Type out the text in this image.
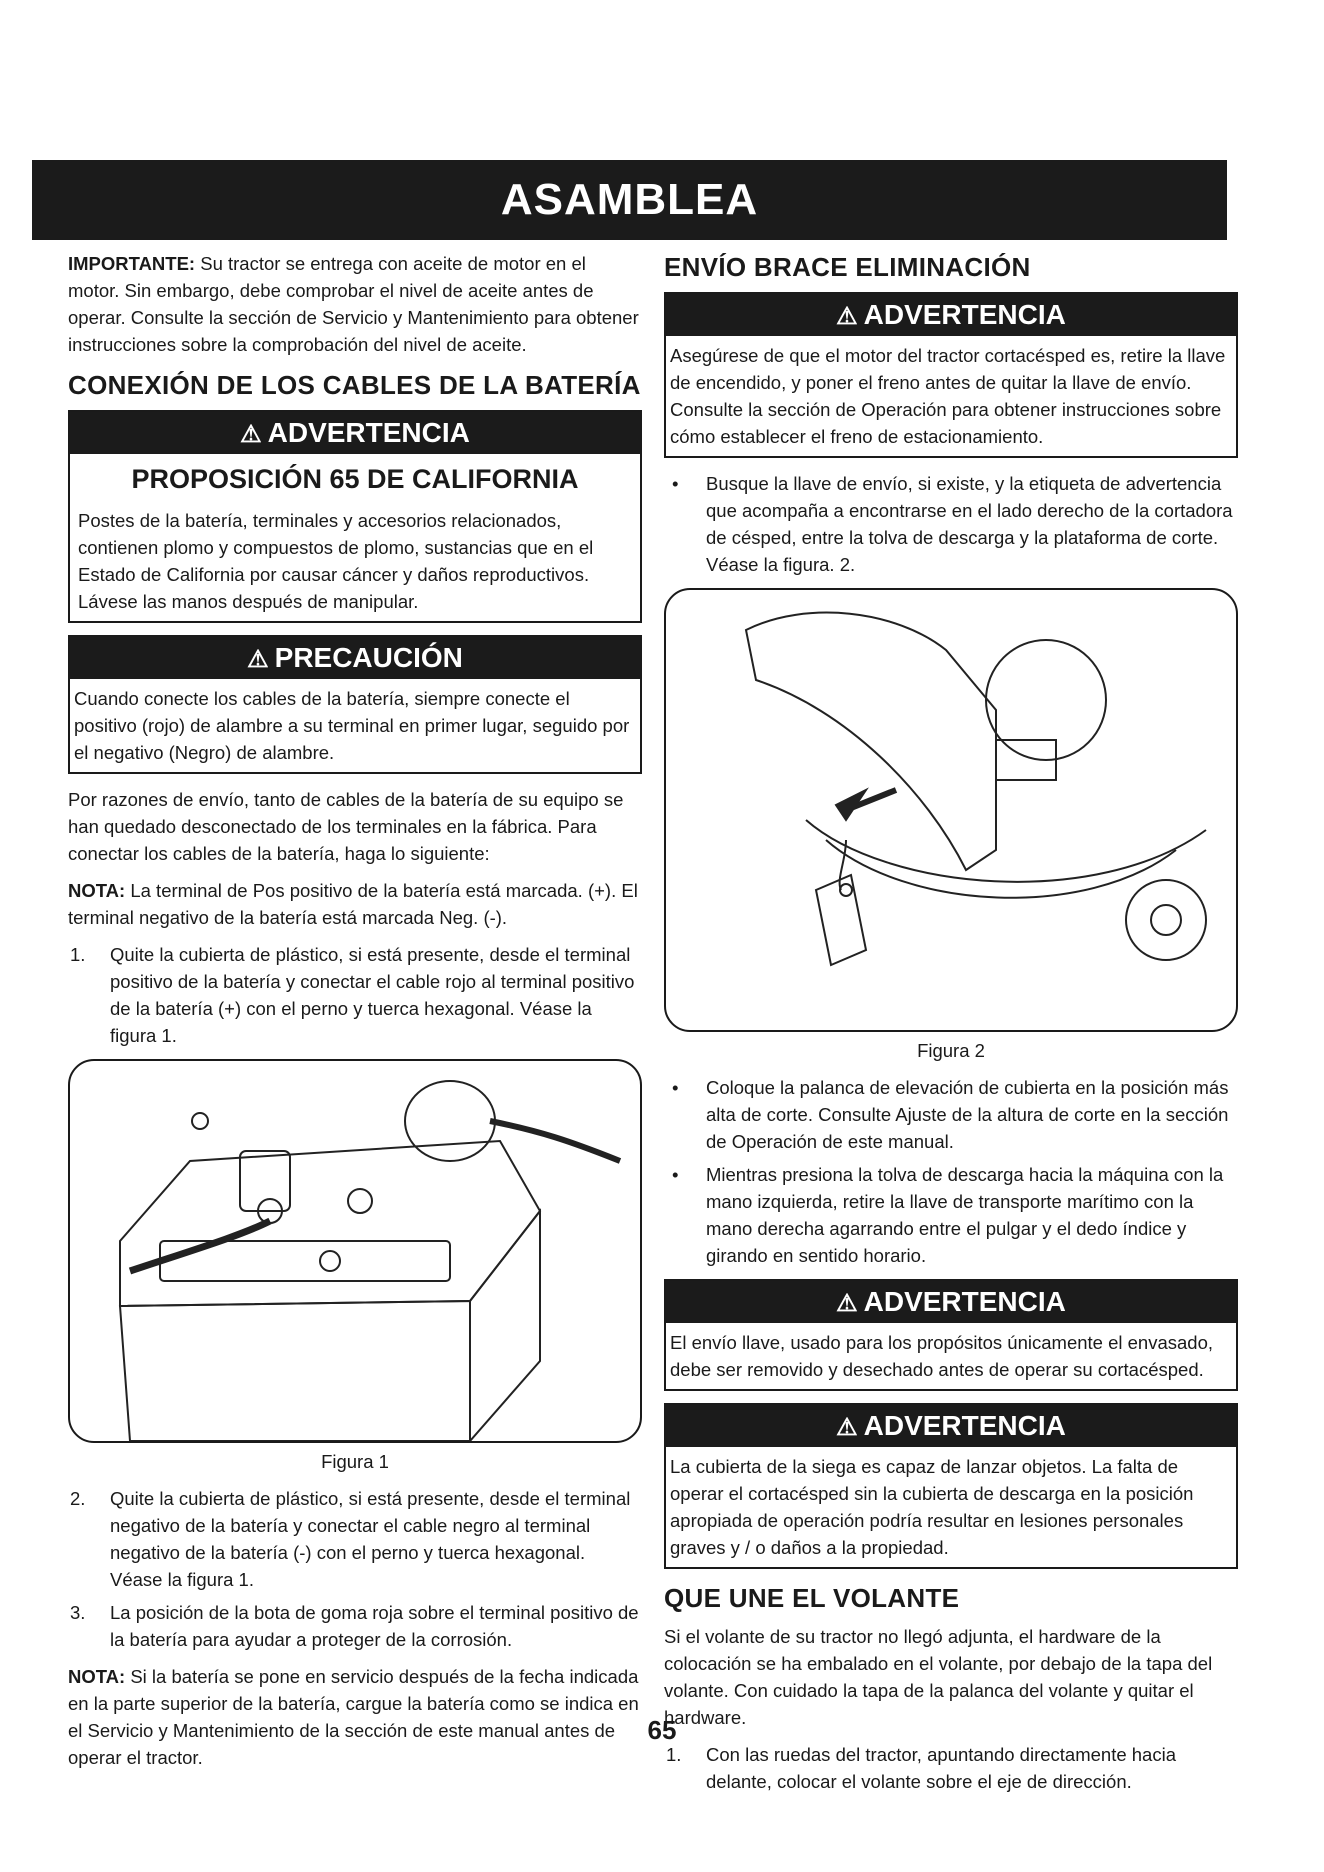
ASAMBLEA

IMPORTANTE: Su tractor se entrega con aceite de motor en el motor. Sin embargo, debe comprobar el nivel de aceite antes de operar. Consulte la sección de Servicio y Mantenimiento para obtener instrucciones sobre la comprobación del nivel de aceite.

CONEXIÓN DE LOS CABLES DE LA BATERÍA
⚠ ADVERTENCIA
PROPOSICIÓN 65 DE CALIFORNIA
Postes de la batería, terminales y accesorios relacionados, contienen plomo y compuestos de plomo, sustancias que en el Estado de California por causar cáncer y daños reproductivos. Lávese las manos después de manipular.
⚠ PRECAUCIÓN
Cuando conecte los cables de la batería, siempre conecte el positivo (rojo) de alambre a su terminal en primer lugar, seguido por el negativo (Negro) de alambre.

Por razones de envío, tanto de cables de la batería de su equipo se han quedado desconectado de los terminales en la fábrica. Para conectar los cables de la batería, haga lo siguiente:

NOTA: La terminal de Pos positivo de la batería está marcada. (+). El terminal negativo de la batería está marcada Neg. (-).

1. Quite la cubierta de plástico, si está presente, desde el terminal positivo de la batería y conectar el cable rojo al terminal positivo de la batería (+) con el perno y tuerca hexagonal. Véase la figura 1.
Figura 1
2. Quite la cubierta de plástico, si está presente, desde el terminal negativo de la batería y conectar el cable negro al terminal negativo de la batería (-) con el perno y tuerca hexagonal. Véase la figura 1.
3. La posición de la bota de goma roja sobre el terminal positivo de la batería para ayudar a proteger de la corrosión.

NOTA: Si la batería se pone en servicio después de la fecha indicada en la parte superior de la batería, cargue la batería como se indica en el Servicio y Mantenimiento de la sección de este manual antes de operar el tractor.

ENVÍO BRACE ELIMINACIÓN
⚠ ADVERTENCIA
Asegúrese de que el motor del tractor cortacésped es, retire la llave de encendido, y poner el freno antes de quitar la llave de envío. Consulte la sección de Operación para obtener instrucciones sobre cómo establecer el freno de estacionamiento.
• Busque la llave de envío, si existe, y la etiqueta de advertencia que acompaña a encontrarse en el lado derecho de la cortadora de césped, entre la tolva de descarga y la plataforma de corte. Véase la figura. 2.
Figura 2
• Coloque la palanca de elevación de cubierta en la posición más alta de corte. Consulte Ajuste de la altura de corte en la sección de Operación de este manual.
• Mientras presiona la tolva de descarga hacia la máquina con la mano izquierda, retire la llave de transporte marítimo con la mano derecha agarrando entre el pulgar y el dedo índice y girando en sentido horario.
⚠ ADVERTENCIA
El envío llave, usado para los propósitos únicamente el envasado, debe ser removido y desechado antes de operar su cortacésped.
⚠ ADVERTENCIA
La cubierta de la siega es capaz de lanzar objetos. La falta de operar el cortacésped sin la cubierta de descarga en la posición apropiada de operación podría resultar en lesiones personales graves y / o daños a la propiedad.
QUE UNE EL VOLANTE

Si el volante de su tractor no llegó adjunta, el hardware de la colocación se ha embalado en el volante, por debajo de la tapa del volante. Con cuidado la tapa de la palanca del volante y quitar el hardware.

1. Con las ruedas del tractor, apuntando directamente hacia delante, colocar el volante sobre el eje de dirección.
65
